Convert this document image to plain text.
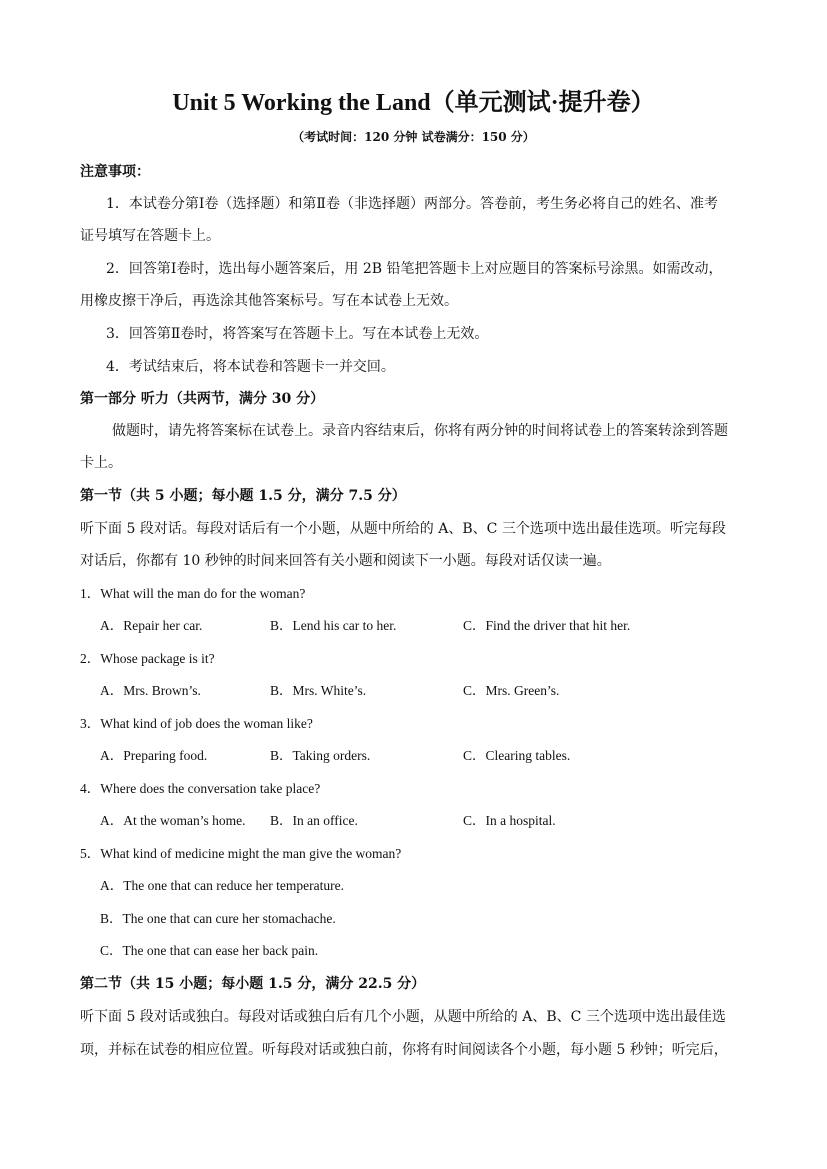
Unit 5 Working the Land（单元测试·提升卷）
（考试时间：120 分钟 试卷满分：150 分）
注意事项：
1．本试卷分第Ⅰ卷（选择题）和第Ⅱ卷（非选择题）两部分。答卷前，考生务必将自己的姓名、准考
证号填写在答题卡上。
2．回答第Ⅰ卷时，选出每小题答案后，用 2B 铅笔把答题卡上对应题目的答案标号涂黑。如需改动，
用橡皮擦干净后，再选涂其他答案标号。写在本试卷上无效。
3．回答第Ⅱ卷时，将答案写在答题卡上。写在本试卷上无效。
4．考试结束后，将本试卷和答题卡一并交回。
第一部分 听力（共两节，满分 30 分）
做题时，请先将答案标在试卷上。录音内容结束后，你将有两分钟的时间将试卷上的答案转涂到答题
卡上。
第一节（共 5 小题；每小题 1.5 分，满分 7.5 分）
听下面 5 段对话。每段对话后有一个小题，从题中所给的 A、B、C 三个选项中选出最佳选项。听完每段
对话后，你都有 10 秒钟的时间来回答有关小题和阅读下一小题。每段对话仅读一遍。
1．What will the man do for the woman?
A．Repair her car.	B．Lend his car to her.	C．Find the driver that hit her.
2．Whose package is it?
A．Mrs. Brown’s.	B．Mrs. White’s.	C．Mrs. Green’s.
3．What kind of job does the woman like?
A．Preparing food.	B．Taking orders.	C．Clearing tables.
4．Where does the conversation take place?
A．At the woman’s home. B．In an office.	C．In a hospital.
5．What kind of medicine might the man give the woman?
A．The one that can reduce her temperature.
B．The one that can cure her stomachache.
C．The one that can ease her back pain.
第二节（共 15 小题；每小题 1.5 分，满分 22.5 分）
听下面 5 段对话或独白。每段对话或独白后有几个小题，从题中所给的 A、B、C 三个选项中选出最佳选
项，并标在试卷的相应位置。听每段对话或独白前，你将有时间阅读各个小题，每小题 5 秒钟；听完后，
